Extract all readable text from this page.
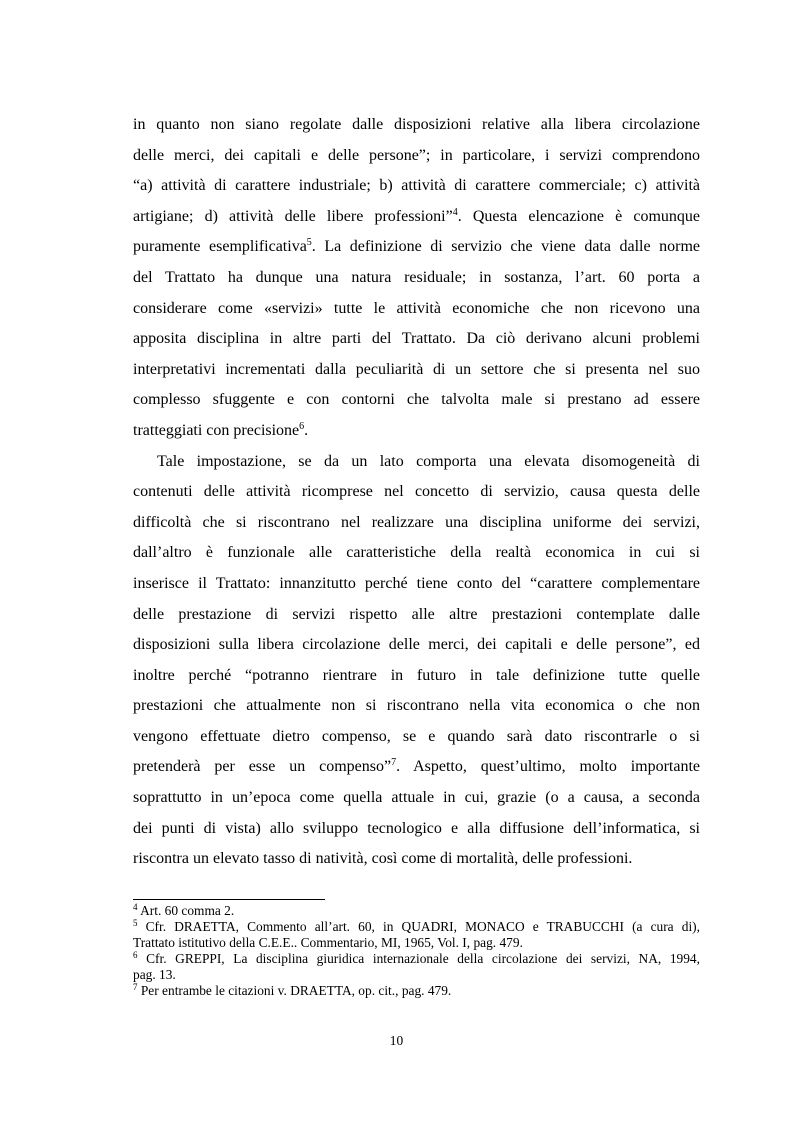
in quanto non siano regolate dalle disposizioni relative alla libera circolazione
delle merci, dei capitali e delle persone”; in particolare, i servizi comprendono
“a) attività di carattere industriale; b) attività di carattere commerciale; c) attività
artigiane; d) attività delle libere professioni”$^4$. Questa elencazione è comunque
puramente esemplificativa$^5$. La definizione di servizio che viene data dalle norme
del Trattato ha dunque una natura residuale; in sostanza, l’art. 60 porta a
considerare come «servizi» tutte le attività economiche che non ricevono una
apposita disciplina in altre parti del Trattato. Da ciò derivano alcuni problemi
interpretativi incrementati dalla peculiarità di un settore che si presenta nel suo
complesso sfuggente e con contorni che talvolta male si prestano ad essere
tratteggiati con precisione$^6$.
Tale impostazione, se da un lato comporta una elevata disomogeneità di
contenuti delle attività ricomprese nel concetto di servizio, causa questa delle
difficoltà che si riscontrano nel realizzare una disciplina uniforme dei servizi,
dall’altro è funzionale alle caratteristiche della realtà economica in cui si
inserisce il Trattato: innanzitutto perché tiene conto del “carattere complementare
delle prestazione di servizi rispetto alle altre prestazioni contemplate dalle
disposizioni sulla libera circolazione delle merci, dei capitali e delle persone”, ed
inoltre perché “potranno rientrare in futuro in tale definizione tutte quelle
prestazioni che attualmente non si riscontrano nella vita economica o che non
vengono effettuate dietro compenso, se e quando sarà dato riscontrarle o si
pretenderà per esse un compenso”$^7$. Aspetto, quest’ultimo, molto importante
soprattutto in un’epoca come quella attuale in cui, grazie (o a causa, a seconda
dei punti di vista) allo sviluppo tecnologico e alla diffusione dell’informatica, si
riscontra un elevato tasso di natività, così come di mortalità, delle professioni.
$^4$ Art. 60 comma 2.
$^5$ Cfr. DRAETTA, Commento all’art. 60, in QUADRI, MONACO e TRABUCCHI (a cura di),
Trattato istitutivo della C.E.E.. Commentario, MI, 1965, Vol. I, pag. 479.
$^6$ Cfr. GREPPI, La disciplina giuridica internazionale della circolazione dei servizi, NA, 1994,
pag. 13.
$^7$ Per entrambe le citazioni v. DRAETTA, op. cit., pag. 479.
10
